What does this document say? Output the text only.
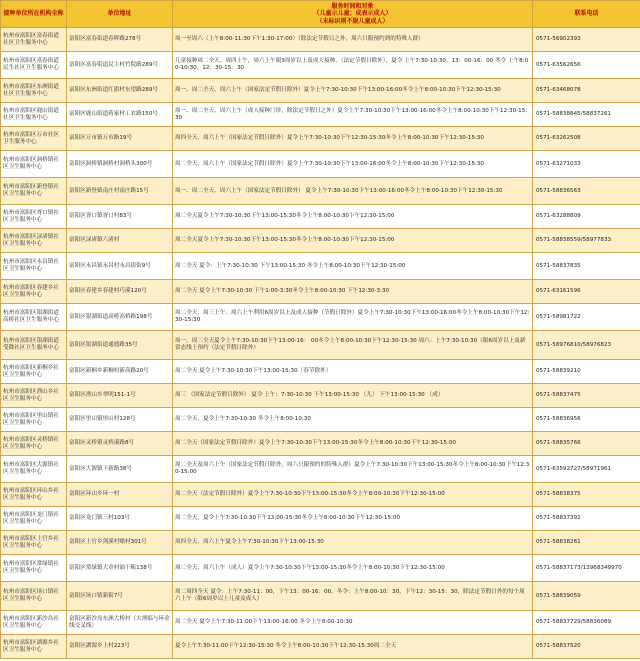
接种单位所在机构全称	单位地址	服务时间和对象
（儿童示儿童；成表示成人）
（未标识则不限儿童成人）	联系电话
杭州市富阳区富春街道社区卫生服务中心	富阳区富春街道春晖路278号	周一至周六（上午8:00-11:30下午1:30-17:00）（除法定节假日之外，周六只限预约到的特殊人群）	0571-56902393
杭州市富阳区富春街道民生社区卫生服务中心	富阳区富春街道民主村竹院路289号	儿童接种周二全天、周四上午，周六上午限3周岁以上及成人接种，（法定节假日除外），夏令 上午7:30-10:30、13：00-16：00 冬令 上午8:00-10:30、12：30-15：30	0571-63562656
杭州市富阳区东洲街道社区卫生服务中心	富阳区东洲街道红旗村东望路289号	周一、周二全天、周六上午（国家法定节假日除外）夏令上午7:30-10:30下午13:00-16:00冬令上午8:00-10:30下午12:30-15:30	0571-63468078
杭州市富阳区鹿山街道社区卫生服务中心	富阳区鹿山街道蒋家村工农路150号	周一、周二全天、周六上午（成人接种门诊，除法定节假日之外）夏令上午7:30-10:30下午13:00-16:00冬令上午8:00-10:30下午12:30-15:30	0571-58838845/58837261
杭州市富阳区万市社区卫生服务中心	富阳区万市镇万市路19号	周四全天、周六上午（国家法定节假日除外）夏令上午7:30-10:30下午12:30-15:30冬令上午8:00-10:30下午12:30-15:30	0571-63262508
杭州市富阳区洞桥镇社区卫生服务中心	富阳区洞桥镇洞桥村洞桥头300号	周二全天、周六上午（国家法定节假日除外）夏令上午7:30-10:30下午13:00-16:00冬令上午8:00-10:30下午12:30-15:30	0571-63271033
杭州市富阳区新登镇社区卫生服务中心	富阳区新登镇南庄村南庄路15号	周一、周二全天、周六上午（国家法定节假日除外） 夏令上午7:30-10:30下午13:00-16:00冬令上午8:00-10:30下午12:30-15:30	0571-58836563
杭州市富阳区胥口镇社区卫生服务中心	富阳区胥口镇胥口村83号	周二全天夏令上午7:30-10:30下午13:00-15:30冬令上午8:00-10:30下午12:30-15:00	0571-63288809
杭州市富阳区渌渚镇社区卫生服务中心	富阳区渌渚镇六渚村	周二全天夏令上午7:30-10:30下午13:00-15:30冬令上午8:00-10:30下午12:30-15:00	0571-58838559/58977833
杭州市富阳区永昌镇社区卫生服务中心	富阳区永昌镇永昌村永昌街街9号	周二全天 夏令：上午7:30-10:30 下午13:00-15:30 冬令上午8:00-10:30下午12:30-15:00	0571-58837835
杭州市富阳区春建乡社区卫生服务中心	富阳区春建乡春建村巧溪120号	周二全天 夏令上午7:30-10:30 下午1:00-3:30冬令上午8:00-10:30 下午12:30-3:30	0571-63161596
杭州市富阳区银湖街道高桥社区卫生服务中心	富阳区银湖街道高桥高桥路198号	周二全天，周三上午、周六上午利用6周岁以上及成人接种（节假日除外）夏令上午7:30-10:30下午13:00-16:00冬令上午8:00-10:30下午12:30-15:30	0571-58981722
杭州市富阳区银湖街道受降社区卫生服务中心	富阳区银湖街道通德路35号	周一、周三全天夏令上午7:30-10:30下午13:00-16： 00冬令上午8:00-10:30下午12:30-15:30 周六：上午7:30-10:30（限6周岁以上及新常态线上预约（法定节假日除外）	0571-58976810/58976823
杭州市富阳区新桐乡社区卫生服务中心	富阳区新桐乡新桐村新高路20号	周二全天 夏令上午7:30-10:30下午13:00-15:30（春节除外）	0571-58839210
杭州市富阳区渔山乡社区卫生服务中心	富阳区渔山乡翠明151-1号	周三 （国家法定节假日除外） 夏令 上午：7:30-10:30 下午13:00-15:30 （儿） 下午13:00-15:30 （成）	0571-58837475
杭州市富阳区里山镇社区卫生服务中心	富阳区里山镇里山村128号	周二全天，夏令上午7:30-10:30 冬令上午8:00-10:30	0571-58836956
杭州市富阳区灵桥镇社区卫生服务中心	富阳区灵桥镇灵桥溪路8号	周二全天（国家法定节假日除外）夏令上午7:30-10:30下午13:00-15:30冬令上午8:00-10:30下午12:30-15:00	0571-58835766
杭州市富阳区大源镇社区卫生服务中心	富阳区大源镇下新路38号	周二全天及周六上午（国家法定节假日除外，周六只限预约的特殊人群）夏令上午7:30-10:30下午13:00-15:30冬令上午8:00-10:30下午12:30-15:00	0571-63592727/58971961
杭州市富阳区环山乡社区卫生服务中心	富阳区环山乡环一村	周二全天（法定节假日除外）夏令上午7:30-10:30下午13:00-15:30冬令上午8:00-10:30下午12:30-15:00	0571-58838375
杭州市富阳区龙门镇社区卫生服务中心	富阳区龙门镇三村103号	周二全天，夏令上午7:30-10:30下午13:00-15:30冬令上午8:00-10:30下午12:30-15:00	0571-58837392
杭州市富阳区上官乡社区卫生服务中心	富阳区上官乡剑溪村赌村301号	周四全天、周六上午夏令上午7:30-10:30下午13:00-15:30	0571-58838261
杭州市富阳区常绿镇社区卫生服务中心	富阳区常绿镇大章村油干畈138号	周二全天、周六上午（成人）夏令上午7:30-10:30下午13:00-15:30冬令上午8:00-10:30下午12:30-15:00	0571-58837173/13968349970
杭州市富阳区场口镇社区卫生服务中心	富阳区场口镇新街7号	周二周四全天 夏令：上午7:30-11：00，下午13：00-16：00，冬令：上午8:00-10：30，下午12：30-15：30，除法定节假日外的每个周六上午（限6周岁以上儿童及成人）	0571-58839059
杭州市富阳区新沙岛社区卫生服务中心	富阳区新沙岛东洲大桥村（大坝临与环金线交叉线）	周二全天 夏令上午7:30-11:00下午13:00-16:00 冬令上午8:00-10:30	0571-58837729/58836089
杭州市富阳区湖源乡社区卫生服务中心	富阳区湖源乡上村223号	夏令上午7:30-11:00下午12:30-15:30 冬令上午8:00-10:30下午12:30-15:30周二全天	0571-58837520
